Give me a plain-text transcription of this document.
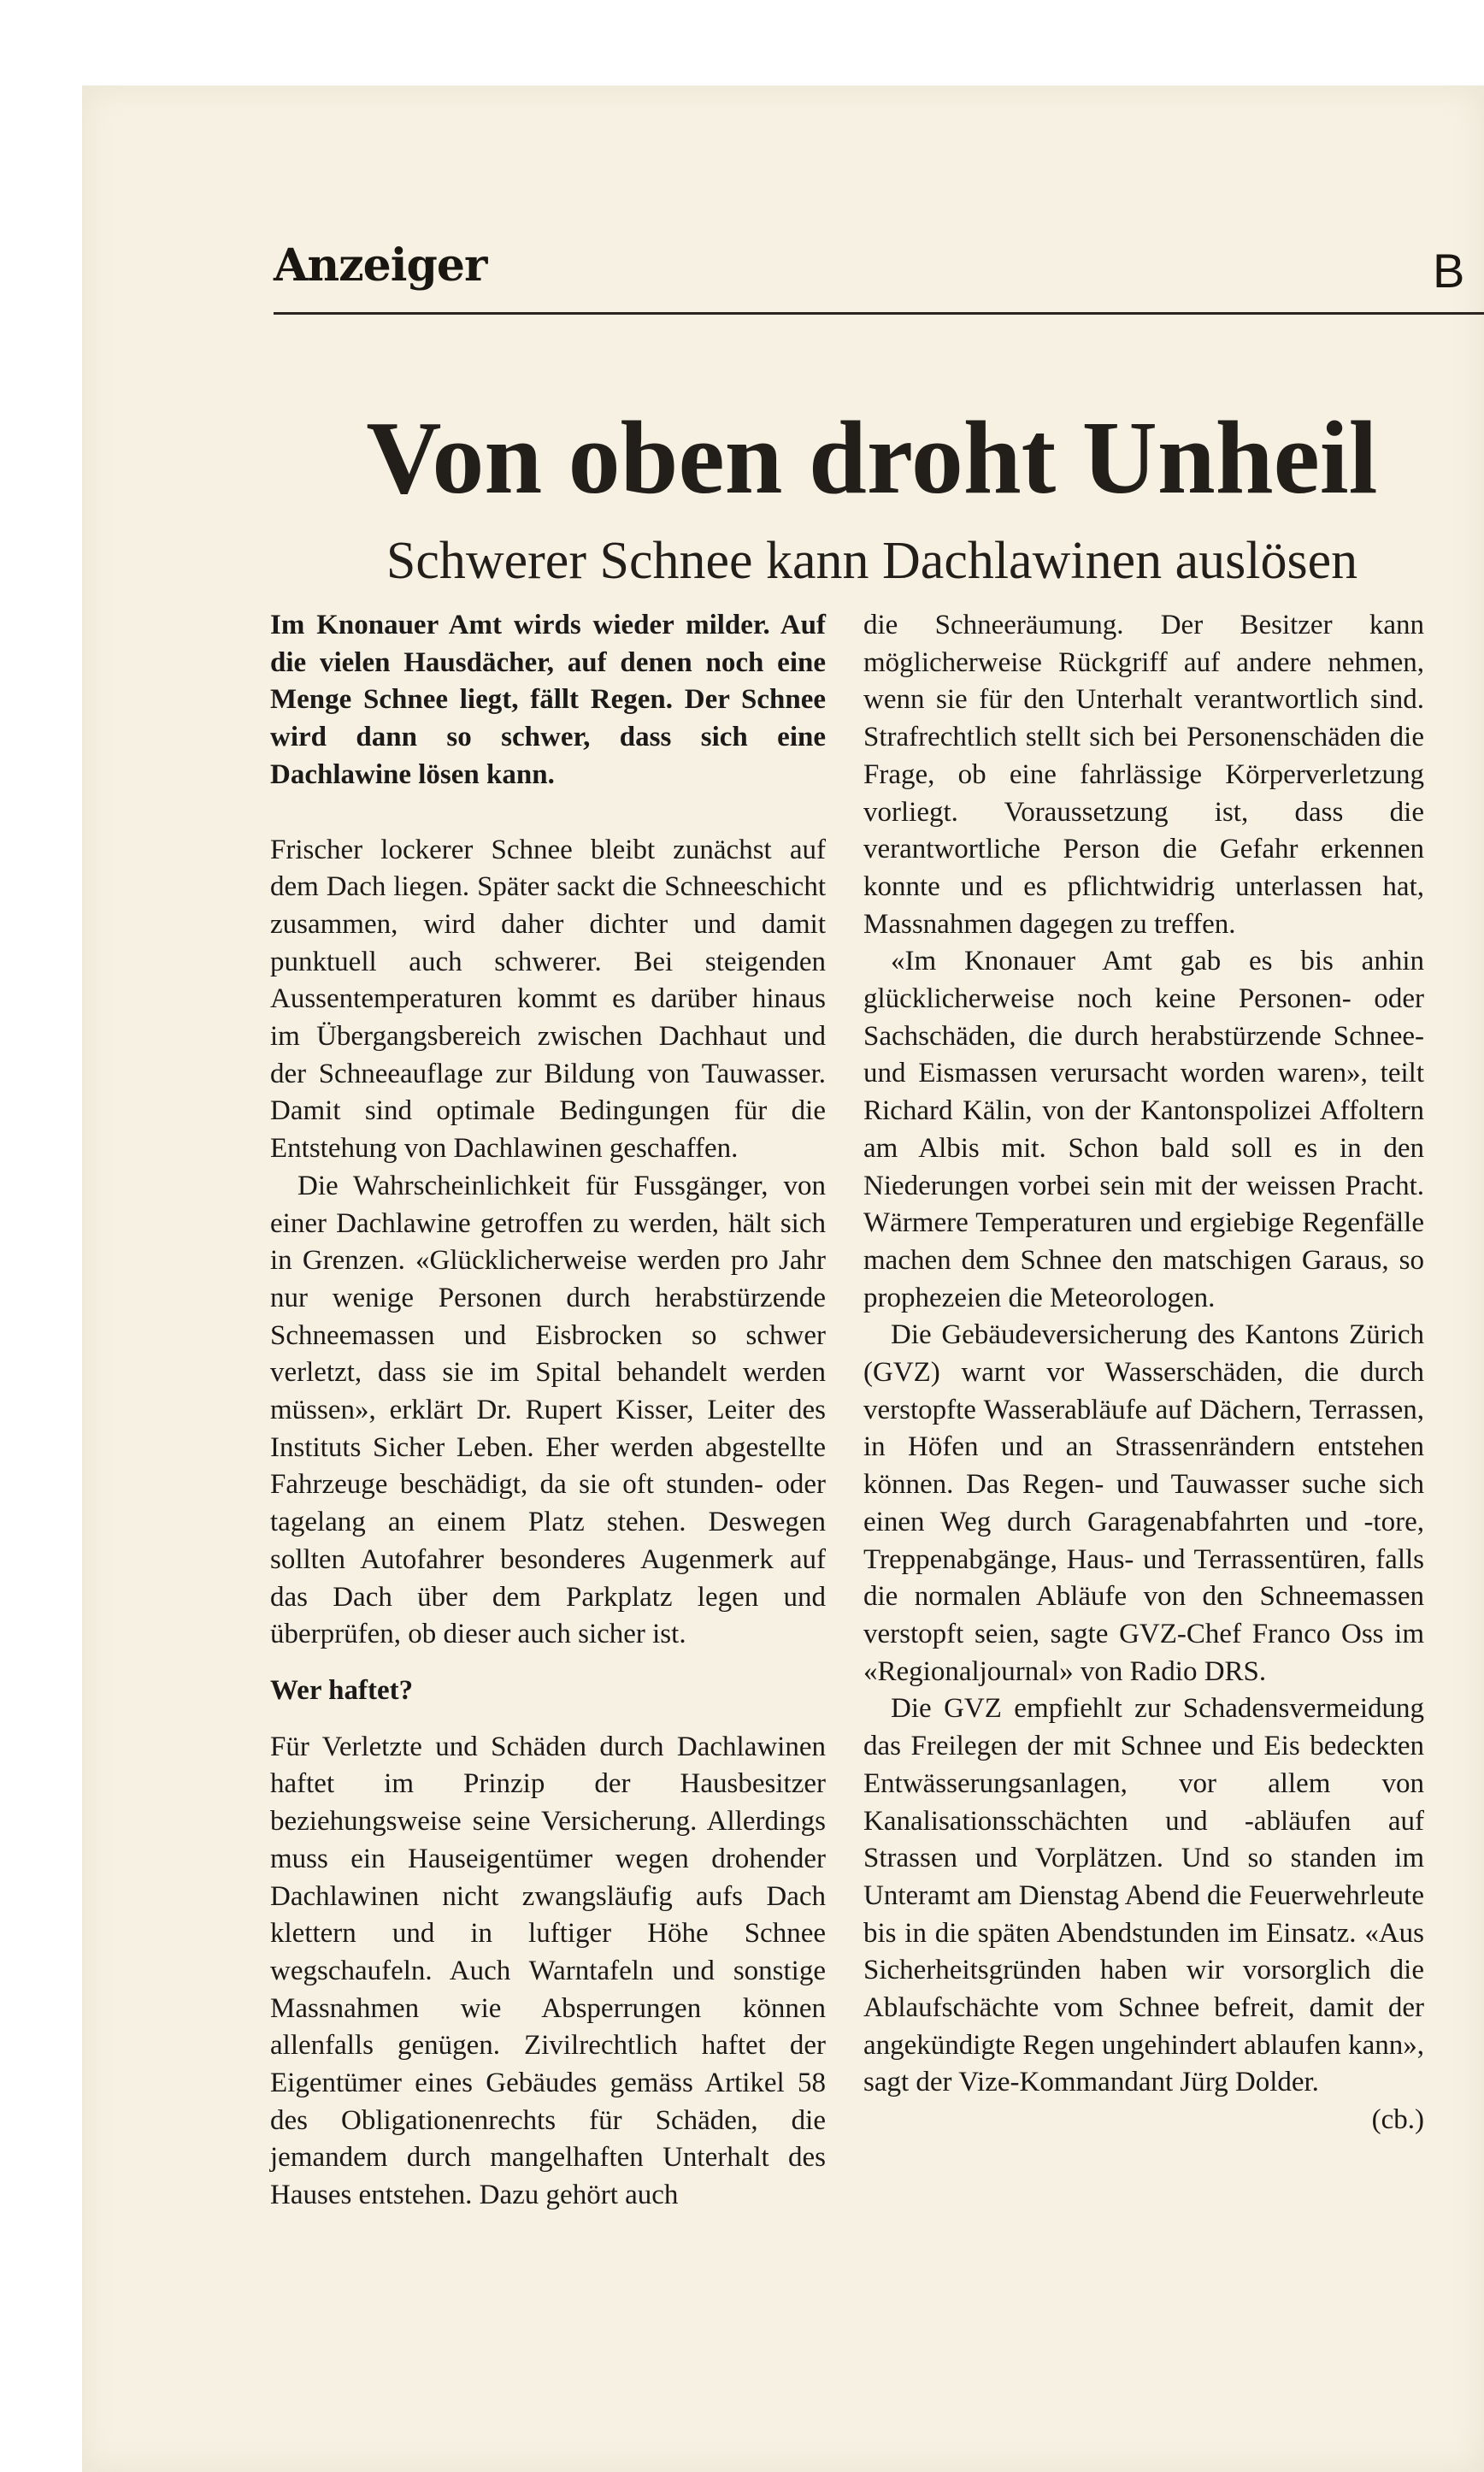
Anzeiger	B
Von oben droht Unheil
Schwerer Schnee kann Dachlawinen auslösen

Im Knonauer Amt wirds wieder milder. Auf die vielen Hausdächer, auf denen noch eine Menge Schnee liegt, fällt Regen. Der Schnee wird dann so schwer, dass sich eine Dachlawine lösen kann.

Frischer lockerer Schnee bleibt zunächst auf dem Dach liegen. Später sackt die Schneeschicht zusammen, wird daher dichter und damit punktuell auch schwerer. Bei steigenden Aussentemperaturen kommt es darüber hinaus im Übergangsbereich zwischen Dachhaut und der Schneeauflage zur Bildung von Tauwasser. Damit sind optimale Bedingungen für die Entstehung von Dachlawinen geschaffen.

Die Wahrscheinlichkeit für Fussgänger, von einer Dachlawine getroffen zu werden, hält sich in Grenzen. «Glücklicherweise werden pro Jahr nur wenige Personen durch herabstürzende Schneemassen und Eisbrocken so schwer verletzt, dass sie im Spital behandelt werden müssen», erklärt Dr. Rupert Kisser, Leiter des Instituts Sicher Leben. Eher werden abgestellte Fahrzeuge beschädigt, da sie oft stunden- oder tagelang an einem Platz stehen. Deswegen sollten Autofahrer besonderes Augenmerk auf das Dach über dem Parkplatz legen und überprüfen, ob dieser auch sicher ist.

Wer haftet?

Für Verletzte und Schäden durch Dachlawinen haftet im Prinzip der Hausbesitzer beziehungsweise seine Versicherung. Allerdings muss ein Hauseigentümer wegen drohender Dachlawinen nicht zwangsläufig aufs Dach klettern und in luftiger Höhe Schnee wegschaufeln. Auch Warntafeln und sonstige Massnahmen wie Absperrungen können allenfalls genügen. Zivilrechtlich haftet der Eigentümer eines Gebäudes gemäss Artikel 58 des Obligationenrechts für Schäden, die jemandem durch mangelhaften Unterhalt des Hauses entstehen. Dazu gehört auch

die Schneeräumung. Der Besitzer kann möglicherweise Rückgriff auf andere nehmen, wenn sie für den Unterhalt verantwortlich sind. Strafrechtlich stellt sich bei Personenschäden die Frage, ob eine fahrlässige Körperverletzung vorliegt. Voraussetzung ist, dass die verantwortliche Person die Gefahr erkennen konnte und es pflichtwidrig unterlassen hat, Massnahmen dagegen zu treffen.

«Im Knonauer Amt gab es bis anhin glücklicherweise noch keine Personen- oder Sachschäden, die durch herabstürzende Schnee- und Eismassen verursacht worden waren», teilt Richard Kälin, von der Kantonspolizei Affoltern am Albis mit. Schon bald soll es in den Niederungen vorbei sein mit der weissen Pracht. Wärmere Temperaturen und ergiebige Regenfälle machen dem Schnee den matschigen Garaus, so prophezeien die Meteorologen.

Die Gebäudeversicherung des Kantons Zürich (GVZ) warnt vor Wasserschäden, die durch verstopfte Wasserabläufe auf Dächern, Terrassen, in Höfen und an Strassenrändern entstehen können. Das Regen- und Tauwasser suche sich einen Weg durch Garagenabfahrten und -tore, Treppenabgänge, Haus- und Terrassentüren, falls die normalen Abläufe von den Schneemassen verstopft seien, sagte GVZ-Chef Franco Oss im «Regionaljournal» von Radio DRS.

Die GVZ empfiehlt zur Schadensvermeidung das Freilegen der mit Schnee und Eis bedeckten Entwässerungsanlagen, vor allem von Kanalisationsschächten und -abläufen auf Strassen und Vorplätzen. Und so standen im Unteramt am Dienstag Abend die Feuerwehrleute bis in die späten Abendstunden im Einsatz. «Aus Sicherheitsgründen haben wir vorsorglich die Ablaufschächte vom Schnee befreit, damit der angekündigte Regen ungehindert ablaufen kann», sagt der Vize-Kommandant Jürg Dolder.

(cb.)
